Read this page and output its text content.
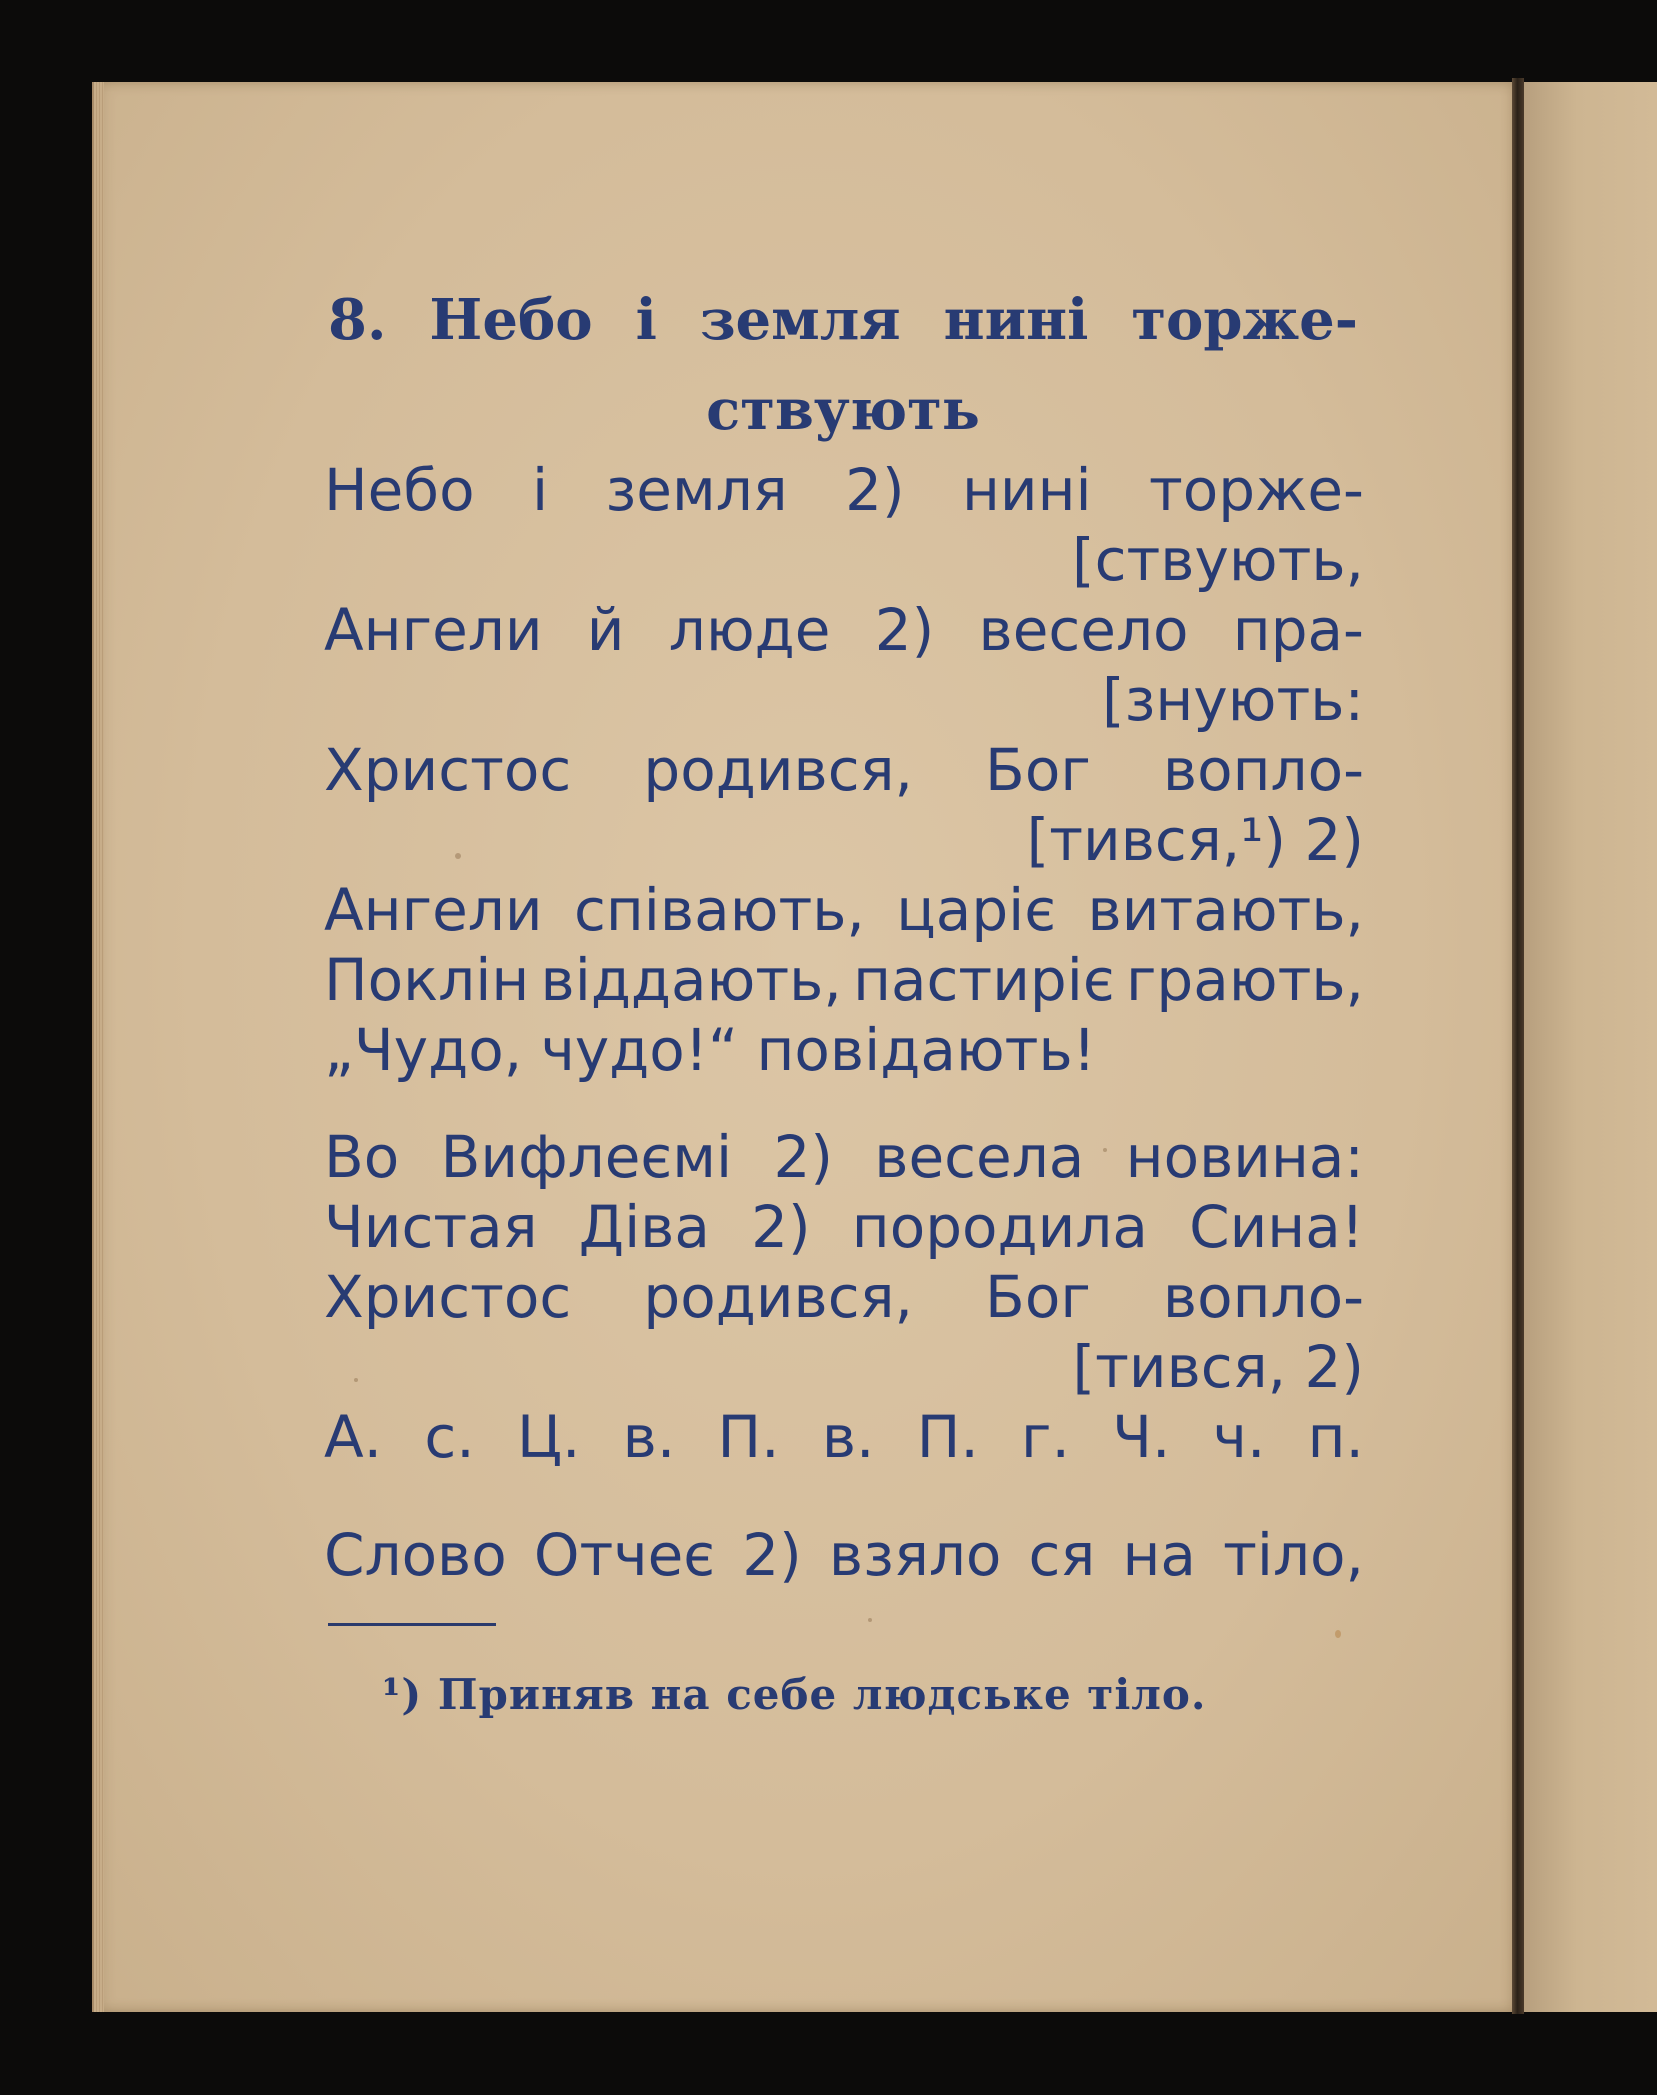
8. Небо і земля нині торже-
ствують
Небо і земля 2) нині торже-
[ствують,
Ангели й люде 2) весело пра-
[знують:
Христос родився, Бог вопло-
[тився,¹) 2)
Ангели співають, царіє витають,
Поклін віддають, пастиріє грають,
„Чудо, чудо!“ повідають!
Во Вифлеємі 2) весела новина:
Чистая Діва 2) породила Сина!
Христос родився, Бог вопло-
[тився, 2)
А. с. Ц. в. П. в. П. г. Ч. ч. п.
Слово Отчеє 2) взяло ся на тіло,
¹) Приняв на себе людське тіло.
